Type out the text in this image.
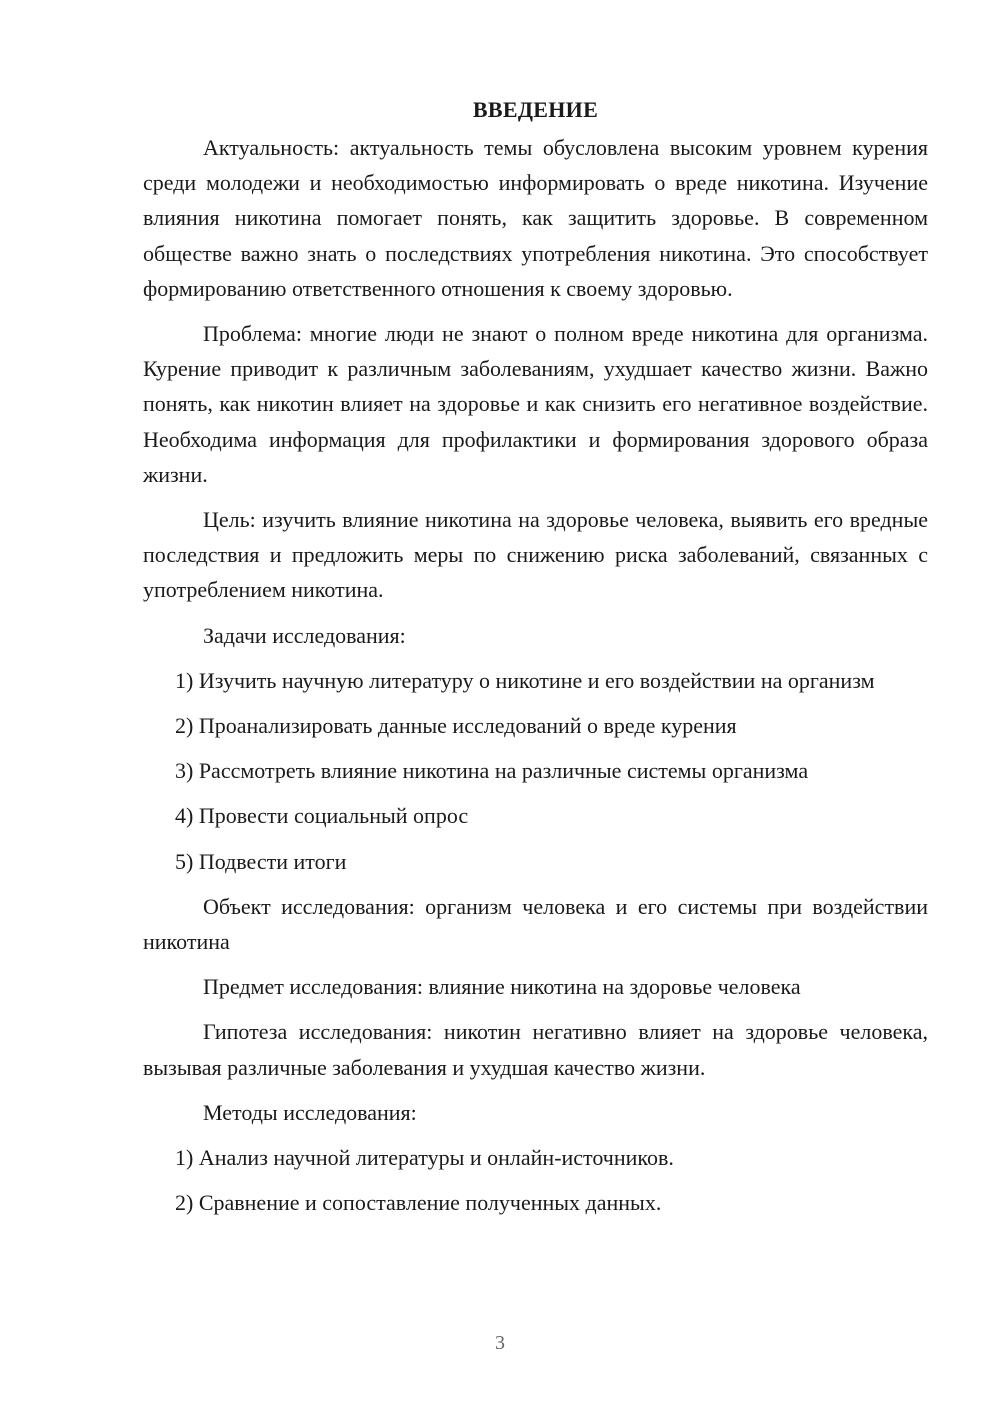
ВВЕДЕНИЕ

Актуальность: актуальность темы обусловлена высоким уровнем курения среди молодежи и необходимостью информировать о вреде никотина. Изучение влияния никотина помогает понять, как защитить здоровье. В современном обществе важно знать о последствиях употребления никотина. Это способствует формированию ответственного отношения к своему здоровью.

Проблема: многие люди не знают о полном вреде никотина для организма. Курение приводит к различным заболеваниям, ухудшает качество жизни. Важно понять, как никотин влияет на здоровье и как снизить его негативное воздействие. Необходима информация для профилактики и формирования здорового образа жизни.

Цель: изучить влияние никотина на здоровье человека, выявить его вредные последствия и предложить меры по снижению риска заболеваний, связанных с употреблением никотина.

Задачи исследования:

1) Изучить научную литературу о никотине и его воздействии на организм

2) Проанализировать данные исследований о вреде курения

3) Рассмотреть влияние никотина на различные системы организма

4) Провести социальный опрос

5) Подвести итоги

Объект исследования: организм человека и его системы при воздействии никотина

Предмет исследования: влияние никотина на здоровье человека

Гипотеза исследования: никотин негативно влияет на здоровье человека, вызывая различные заболевания и ухудшая качество жизни.

Методы исследования:

1) Анализ научной литературы и онлайн-источников.

2) Сравнение и сопоставление полученных данных.

3
